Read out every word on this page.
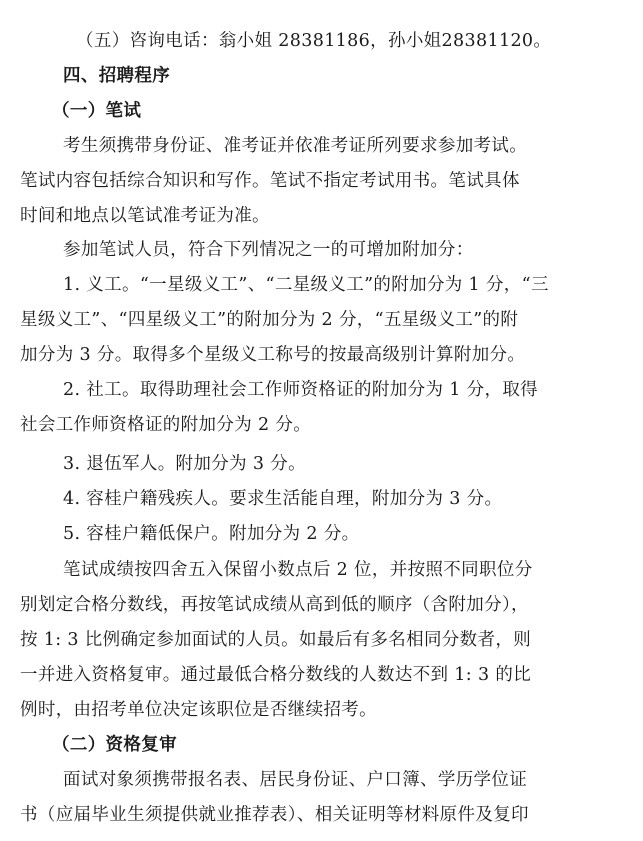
（五）咨询电话：翁小姐 28381186，孙小姐28381120。
四、招聘程序
（一）笔试
考生须携带身份证、准考证并依准考证所列要求参加考试。
笔试内容包括综合知识和写作。笔试不指定考试用书。笔试具体
时间和地点以笔试准考证为准。
参加笔试人员，符合下列情况之一的可增加附加分：
1. 义工。“一星级义工”、“二星级义工”的附加分为 1 分，“三
星级义工”、“四星级义工”的附加分为 2 分，“五星级义工”的附
加分为 3 分。取得多个星级义工称号的按最高级别计算附加分。
2. 社工。取得助理社会工作师资格证的附加分为 1 分，取得
社会工作师资格证的附加分为 2 分。
3. 退伍军人。附加分为 3 分。
4. 容桂户籍残疾人。要求生活能自理，附加分为 3 分。
5. 容桂户籍低保户。附加分为 2 分。
笔试成绩按四舍五入保留小数点后 2 位，并按照不同职位分
别划定合格分数线，再按笔试成绩从高到低的顺序（含附加分），
按 1: 3 比例确定参加面试的人员。如最后有多名相同分数者，则
一并进入资格复审。通过最低合格分数线的人数达不到 1: 3 的比
例时，由招考单位决定该职位是否继续招考。
（二）资格复审
面试对象须携带报名表、居民身份证、户口簿、学历学位证
书（应届毕业生须提供就业推荐表）、相关证明等材料原件及复印
